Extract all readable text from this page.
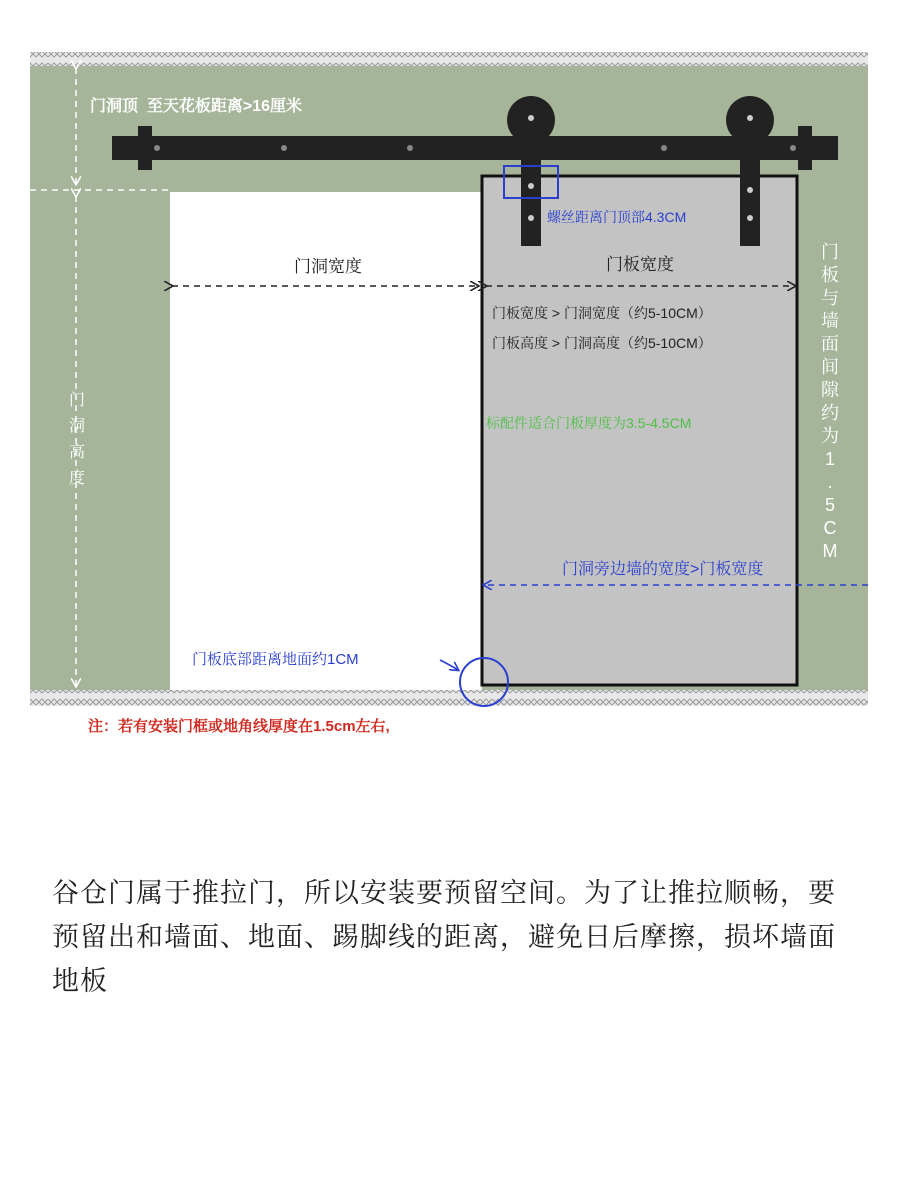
螺丝距离门顶部4.3CM
门洞顶  至天花板距离>16厘米
门洞高度
门洞宽度	门板宽度
门板宽度 > 门洞宽度（约5-10CM）
门板高度 > 门洞高度（约5-10CM）
标配件适合门板厚度为3.5-4.5CM
门板与墙面间隙约为 1 . 5 C M
门洞旁边墙的宽度>门板宽度
门板底部距离地面约1CM
注：若有安装门框或地角线厚度在1.5cm左右,
谷仓门属于推拉门，所以安装要预留空间。为了让推拉顺畅，要预留出和墙面、地面、踢脚线的距离，避免日后摩擦，损坏墙面地板
